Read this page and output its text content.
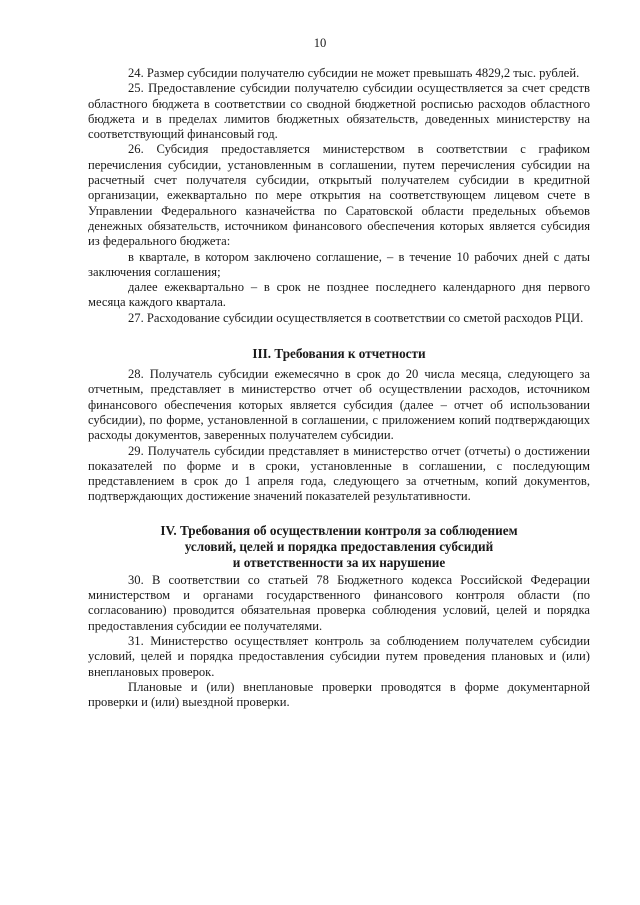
10

24. Размер субсидии получателю субсидии не может превышать 4829,2 тыс. рублей.

25. Предоставление субсидии получателю субсидии осуществляется за счет средств областного бюджета в соответствии со сводной бюджетной росписью расходов областного бюджета и в пределах лимитов бюджетных обязательств, доведенных министерству на соответствующий финансовый год.

26. Субсидия предоставляется министерством в соответствии с графиком перечисления субсидии, установленным в соглашении, путем перечисления субсидии на расчетный счет получателя субсидии, открытый получателем субсидии в кредитной организации, ежеквартально по мере открытия на соответствующем лицевом счете в Управлении Федерального казначейства по Саратовской области предельных объемов денежных обязательств, источником финансового обеспечения которых является субсидия из федерального бюджета:

в квартале, в котором заключено соглашение, – в течение 10 рабочих дней с даты заключения соглашения;

далее ежеквартально – в срок не позднее последнего календарного дня первого месяца каждого квартала.

27. Расходование субсидии осуществляется в соответствии со сметой расходов РЦИ.

III. Требования к отчетности

28. Получатель субсидии ежемесячно в срок до 20 числа месяца, следующего за отчетным, представляет в министерство отчет об осуществлении расходов, источником финансового обеспечения которых является субсидия (далее – отчет об использовании субсидии), по форме, установленной в соглашении, с приложением копий подтверждающих расходы документов, заверенных получателем субсидии.

29. Получатель субсидии представляет в министерство отчет (отчеты) о достижении показателей по форме и в сроки, установленные в соглашении, с последующим представлением в срок до 1 апреля года, следующего за отчетным, копий документов, подтверждающих достижение значений показателей результативности.

IV. Требования об осуществлении контроля за соблюдением
условий, целей и порядка предоставления субсидий
и ответственности за их нарушение

30. В соответствии со статьей 78 Бюджетного кодекса Российской Федерации министерством и органами государственного финансового контроля области (по согласованию) проводится обязательная проверка соблюдения условий, целей и порядка предоставления субсидии ее получателями.

31. Министерство осуществляет контроль за соблюдением получателем субсидии условий, целей и порядка предоставления субсидии путем проведения плановых и (или) внеплановых проверок.

Плановые и (или) внеплановые проверки проводятся в форме документарной проверки и (или) выездной проверки.
